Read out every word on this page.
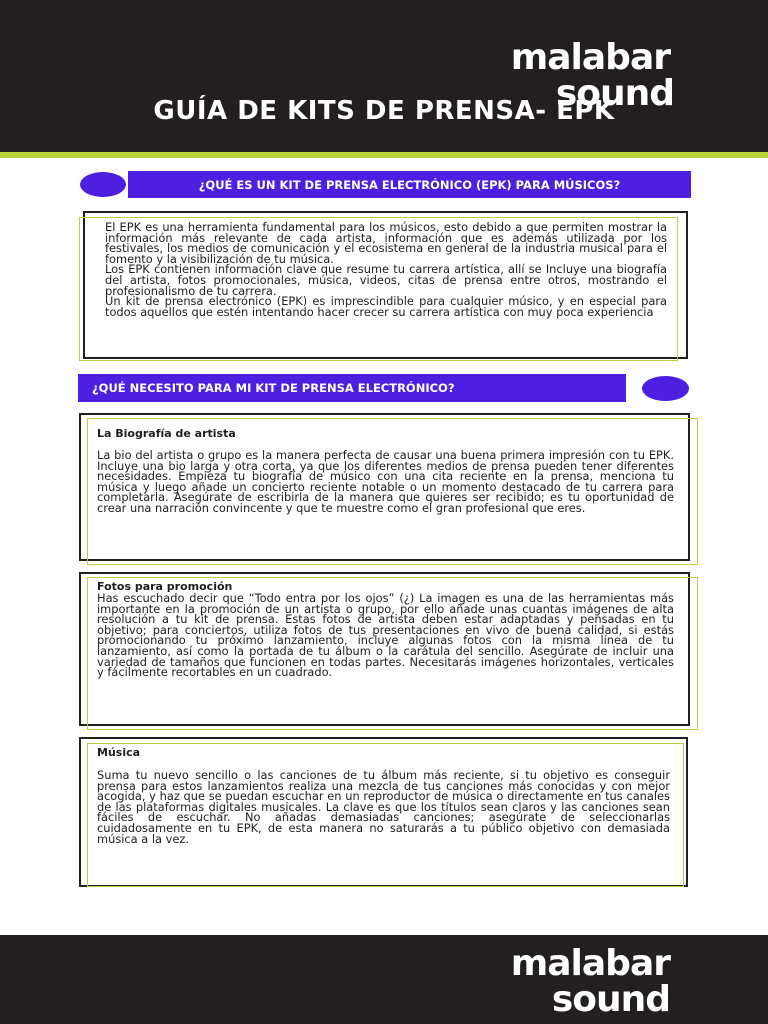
malabar
sound
GUÍA DE KITS DE PRENSA- EPK
¿QUÉ ES UN KIT DE PRENSA ELECTRÓNICO (EPK) PARA MÚSICOS?

El EPK es una herramienta fundamental para los músicos, esto debido a que permiten mostrar la información más relevante de cada artista, información que es además utilizada por los festivales, los medios de comunicación y el ecosistema en general de la industria musical para el fomento y la visibilización de tu música.
Los EPK contienen información clave que resume tu carrera artística, allí se Incluye una biografía del artista, fotos promocionales, música, videos, citas de prensa entre otros, mostrando el profesionalismo de tu carrera.
Un kit de prensa electrónico (EPK) es imprescindible para cualquier músico, y en especial para todos aquellos que estén intentando hacer crecer su carrera artística con muy poca experiencia

¿QUÉ NECESITO PARA MI KIT DE PRENSA ELECTRÓNICO?

La Biografía de artista

La bio del artista o grupo es la manera perfecta de causar una buena primera impresión con tu EPK. Incluye una bio larga y otra corta, ya que los diferentes medios de prensa pueden tener diferentes necesidades. Empieza tu biografía de músico con una cita reciente en la prensa, menciona tu música y luego añade un concierto reciente notable o un momento destacado de tu carrera para completarla. Asegúrate de escribirla de la manera que quieres ser recibido; es tu oportunidad de crear una narración convincente y que te muestre como el gran profesional que eres.

Fotos para promoción

Has escuchado decir que “Todo entra por los ojos” (¿) La imagen es una de las herramientas más importante en la promoción de un artista o grupo, por ello añade unas cuantas imágenes de alta resolución a tu kit de prensa. Estas fotos de artista deben estar adaptadas y pensadas en tu objetivo; para conciertos, utiliza fotos de tus presentaciones en vivo de buena calidad, si estás promocionando tu próximo lanzamiento, incluye algunas fotos con la misma línea de tu lanzamiento, así como la portada de tu álbum o la carátula del sencillo. Asegúrate de incluir una variedad de tamaños que funcionen en todas partes. Necesitarás imágenes horizontales, verticales y fácilmente recortables en un cuadrado.

Música

Suma tu nuevo sencillo o las canciones de tu álbum más reciente, si tu objetivo es conseguir prensa para estos lanzamientos realiza una mezcla de tus canciones más conocidas y con mejor acogida, y haz que se puedan escuchar en un reproductor de música o directamente en tus canales de las plataformas digitales musicales. La clave es que los títulos sean claros y las canciones sean fáciles de escuchar. No añadas demasiadas canciones; asegúrate de seleccionarlas cuidadosamente en tu EPK, de esta manera no saturarás a tu público objetivo con demasiada música a la vez.

malabar
sound
